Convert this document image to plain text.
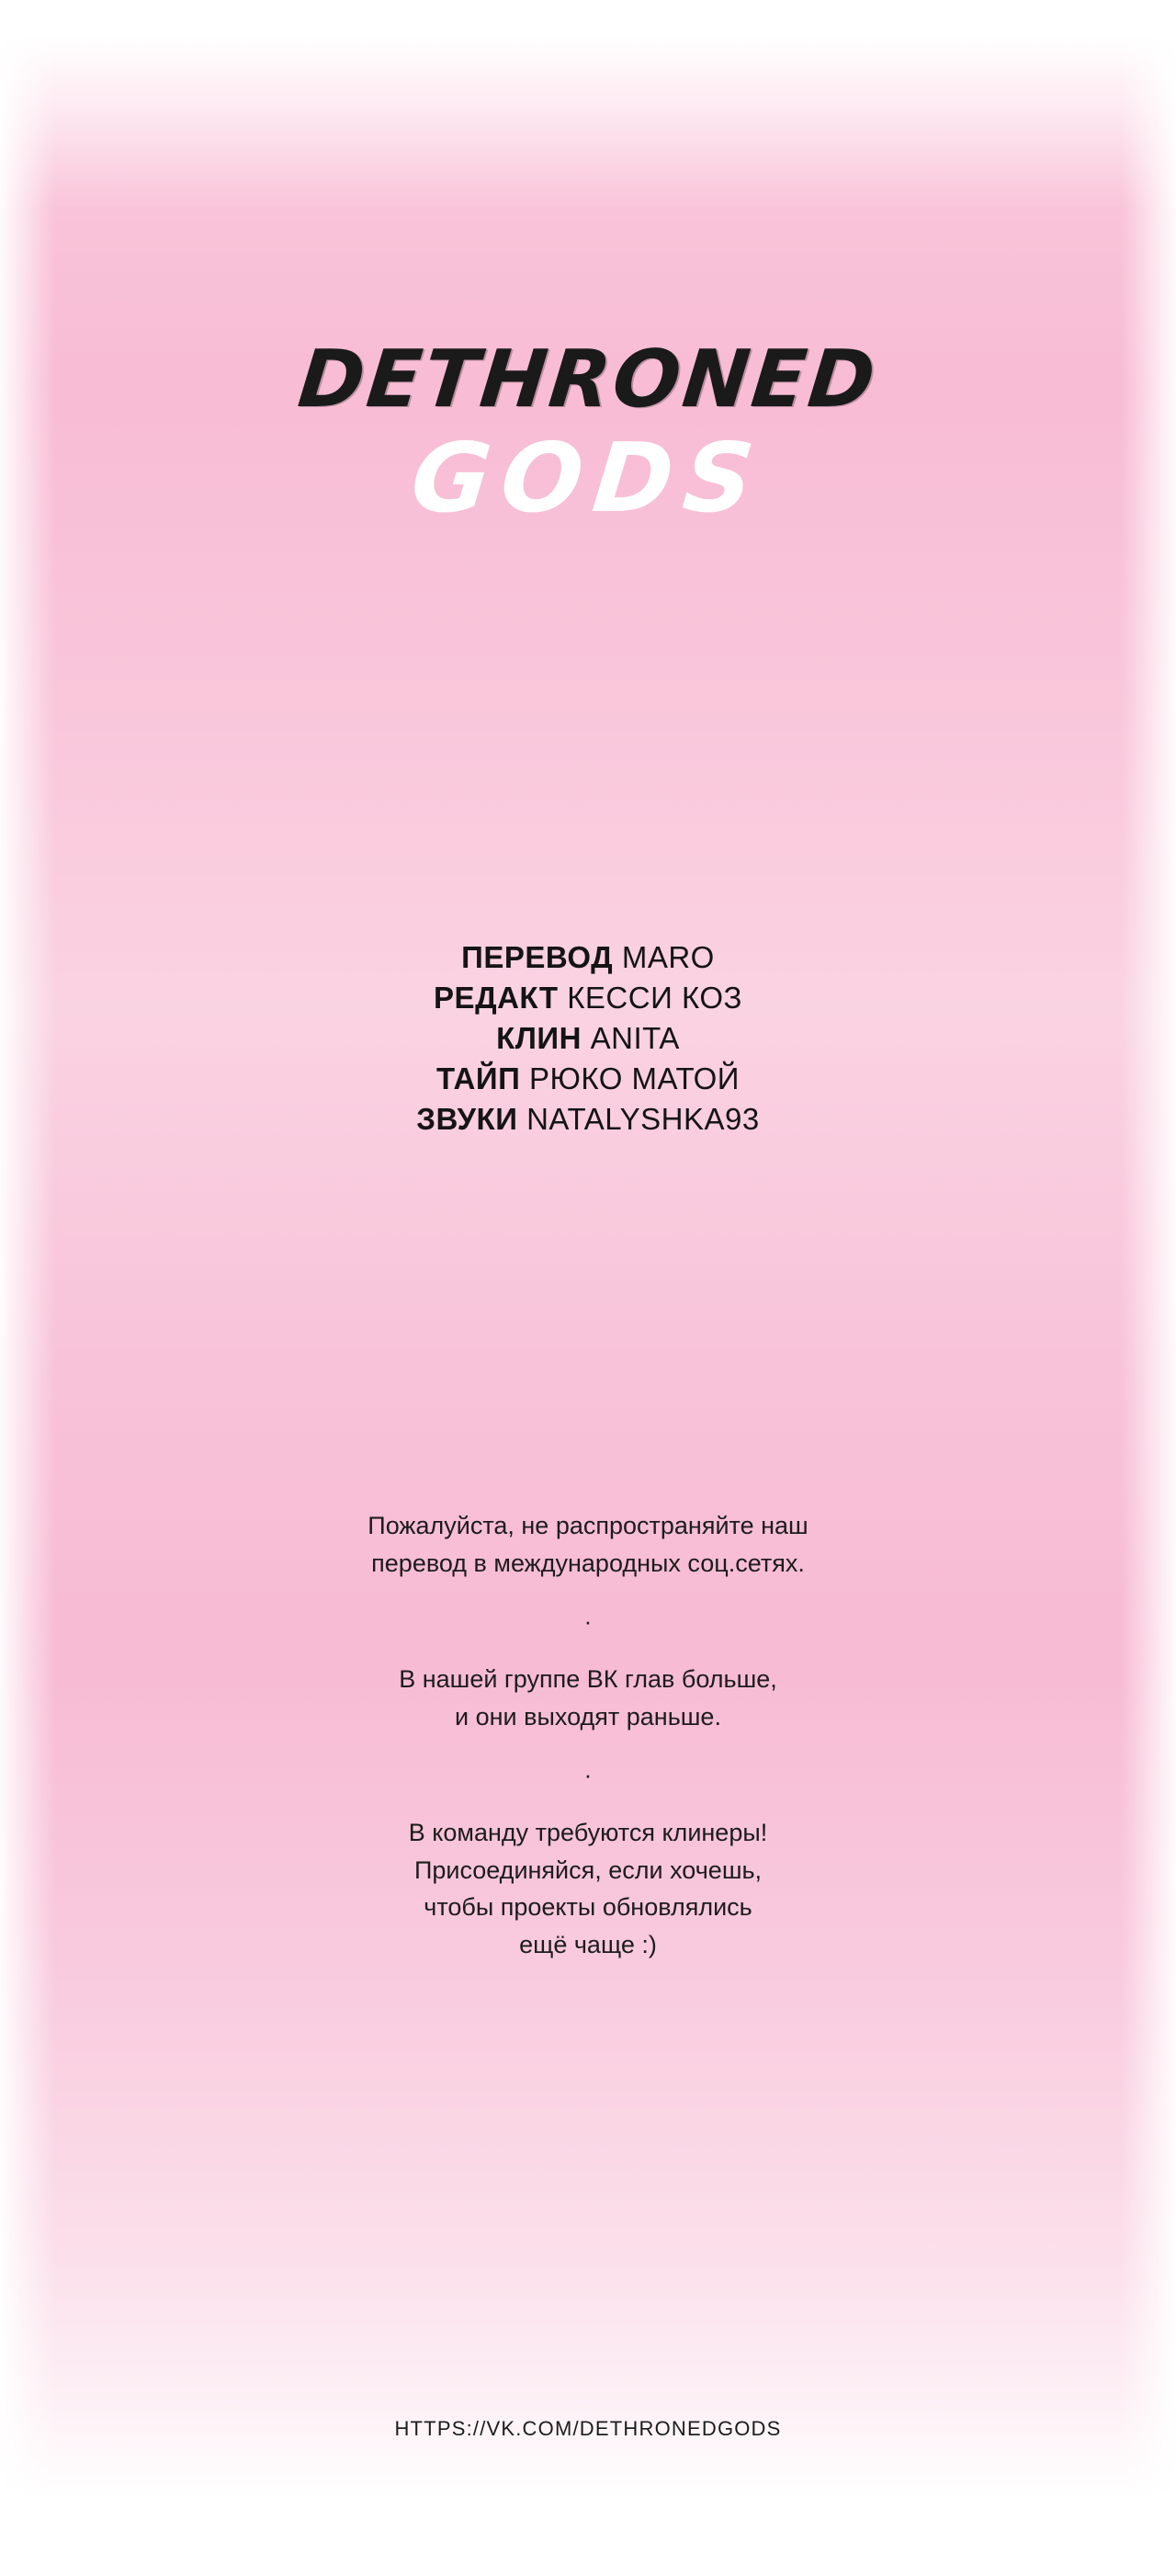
DETHRONED
GODS
ПЕРЕВОД MARO
РЕДАКТ КЕССИ КОЗ
КЛИН ANITA
ТАЙП РЮКО МАТОЙ
ЗВУКИ NATALYSHKA93

Пожалуйста, не распространяйте наш

перевод в международных соц.сетях.

·

В нашей группе ВК глав больше,

и они выходят раньше.

·

В команду требуются клинеры!

Присоединяйся, если хочешь,

чтобы проекты обновлялись

ещё чаще :)

HTTPS://VK.COM/DETHRONEDGODS
